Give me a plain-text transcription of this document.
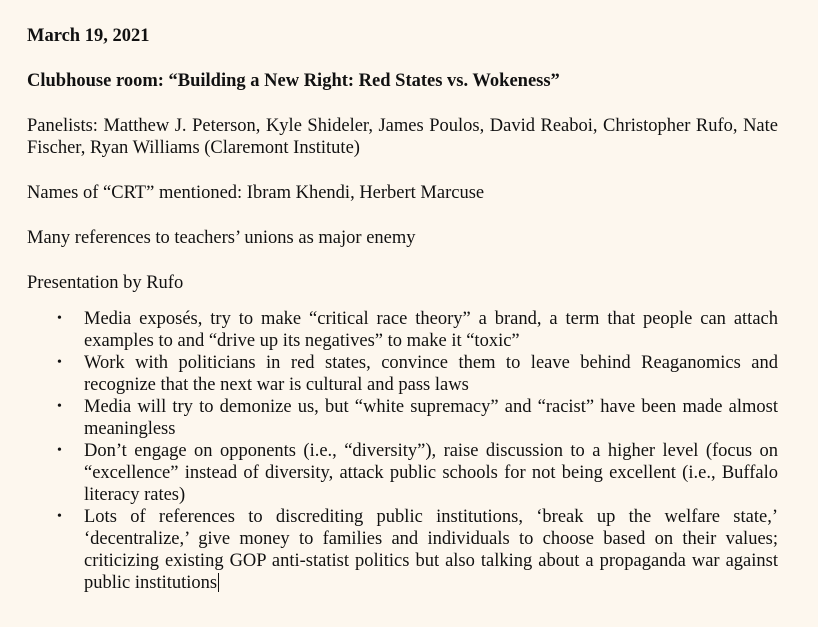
March 19, 2021

Clubhouse room: “Building a New Right: Red States vs. Wokeness”

Panelists: Matthew J. Peterson, Kyle Shideler, James Poulos, David Reaboi, Christopher Rufo, Nate Fischer, Ryan Williams (Claremont Institute)

Names of “CRT” mentioned: Ibram Khendi, Herbert Marcuse

Many references to teachers’ unions as major enemy

Presentation by Rufo

• Media exposés, try to make “critical race theory” a brand, a term that people can attach examples to and “drive up its negatives” to make it “toxic”
• Work with politicians in red states, convince them to leave behind Reaganomics and recognize that the next war is cultural and pass laws
• Media will try to demonize us, but “white supremacy” and “racist” have been made almost meaningless
• Don’t engage on opponents (i.e., “diversity”), raise discussion to a higher level (focus on “excellence” instead of diversity, attack public schools for not being excellent (i.e., Buffalo literacy rates)
• Lots of references to discrediting public institutions, ‘break up the welfare state,’ ‘decentralize,’ give money to families and individuals to choose based on their values; criticizing existing GOP anti-statist politics but also talking about a propaganda war against public institutions
